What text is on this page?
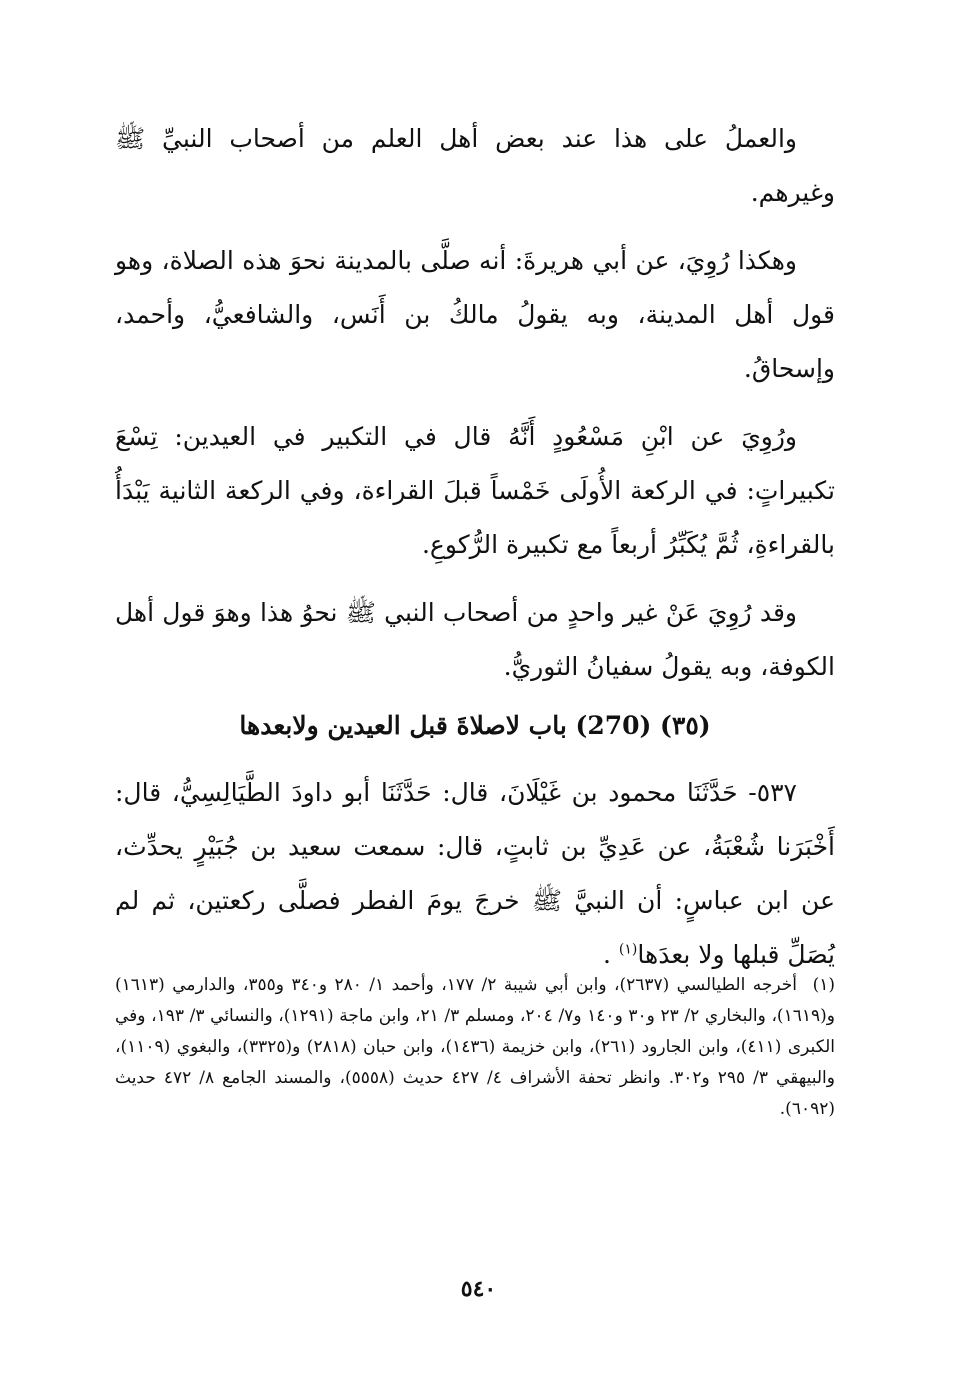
والعملُ على هذا عند بعض أهل العلم من أصحاب النبيِّ ﷺ وغيرهم.

وهكذا رُوِيَ، عن أبي هريرةَ: أنه صلَّى بالمدينة نحوَ هذه الصلاة، وهو قول أهل المدينة، وبه يقولُ مالكُ بن أَنَس، والشافعيُّ، وأحمد، وإسحاقُ.

ورُوِيَ عن ابْنِ مَسْعُودٍ أَنَّهُ قال في التكبير في العيدين: تِسْعَ تكبيراتٍ: في الركعة الأُولَى خَمْساً قبلَ القراءة، وفي الركعة الثانية يَبْدَأُ بالقراءةِ، ثُمَّ يُكَبِّرُ أربعاً مع تكبيرة الرُّكوعِ.

وقد رُوِيَ عَنْ غير واحدٍ من أصحاب النبي ﷺ نحوُ هذا وهوَ قول أهل الكوفة، وبه يقولُ سفيانُ الثوريُّ.

(٣٥) (270) باب لاصلاةَ قبل العيدين ولابعدها

٥٣٧- حَدَّثَنَا محمود بن غَيْلَانَ، قال: حَدَّثَنَا أبو داودَ الطَّيَالِسِيُّ، قال: أَخْبَرَنا شُعْبَةُ، عن عَدِيِّ بن ثابتٍ، قال: سمعت سعيد بن جُبَيْرٍ يحدِّث، عن ابن عباسٍ: أن النبيَّ ﷺ خرجَ يومَ الفطر فصلَّى ركعتين، ثم لم يُصَلِّ قبلها ولا بعدَها$^{(١)}$ .

(١)أخرجه الطيالسي (٢٦٣٧)، وابن أبي شيبة ٢/ ١٧٧، وأحمد ١/ ٢٨٠ و٣٤٠ و٣٥٥، والدارمي (١٦١٣) و(١٦١٩)، والبخاري ٢/ ٢٣ و٣٠ و١٤٠ و٧/ ٢٠٤، ومسلم ٣/ ٢١، وابن ماجة (١٢٩١)، والنسائي ٣/ ١٩٣، وفي الكبرى (٤١١)، وابن الجارود (٢٦١)، وابن خزيمة (١٤٣٦)، وابن حبان (٢٨١٨) و(٣٣٢٥)، والبغوي (١١٠٩)، والبيهقي ٣/ ٢٩٥ و٣٠٢. وانظر تحفة الأشراف ٤/ ٤٢٧ حديث (٥٥٥٨)، والمسند الجامع ٨/ ٤٧٢ حديث (٦٠٩٢).
٥٤٠
